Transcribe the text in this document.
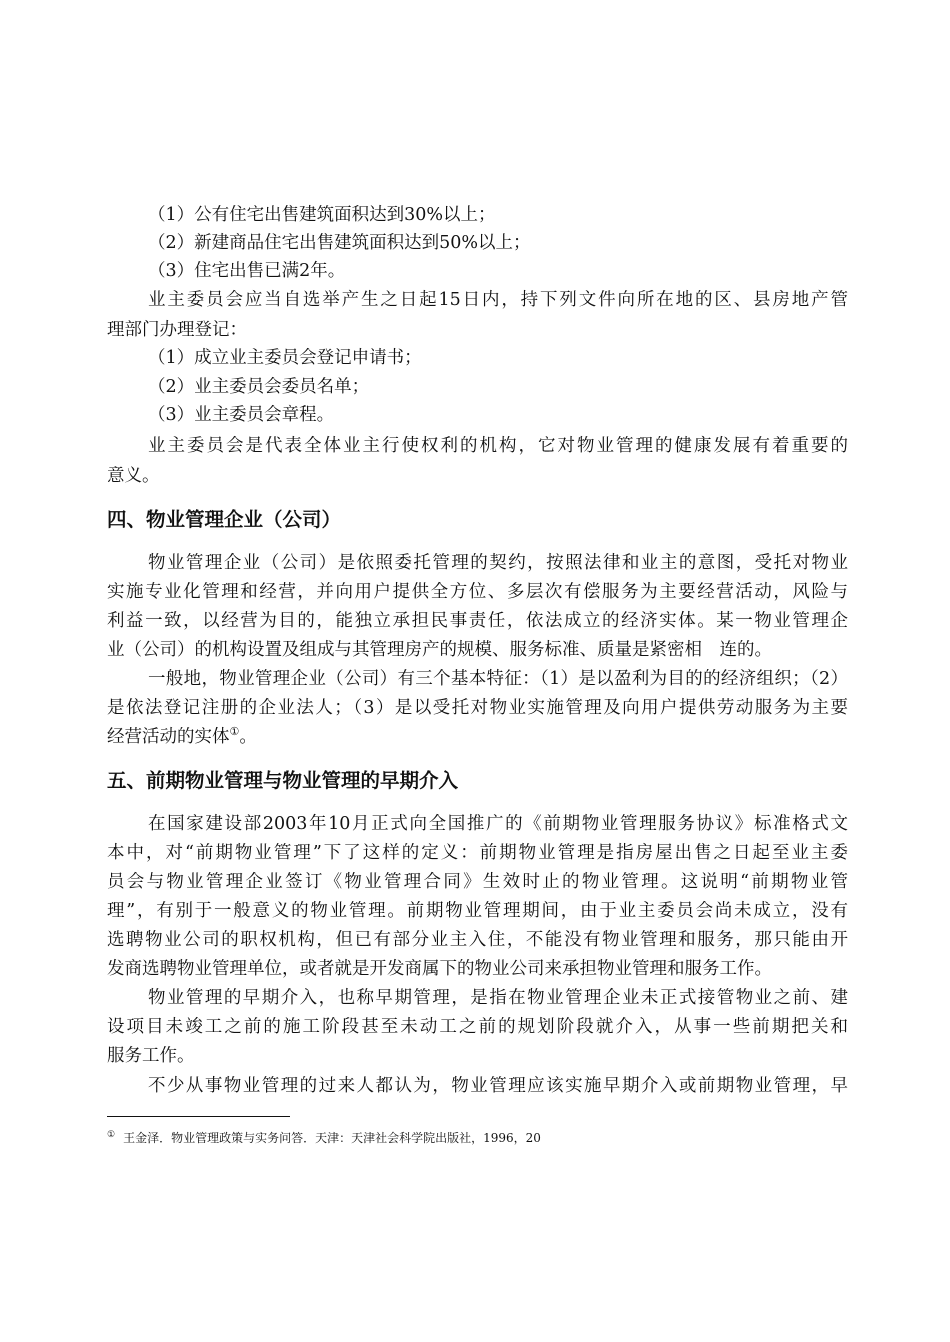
（1）公有住宅出售建筑面积达到30%以上；

（2）新建商品住宅出售建筑面积达到50%以上；

（3）住宅出售已满2年。

业主委员会应当自选举产生之日起15日内，持下列文件向所在地的区、县房地产管

理部门办理登记：

（1）成立业主委员会登记申请书；

（2）业主委员会委员名单；

（3）业主委员会章程。

业主委员会是代表全体业主行使权利的机构，它对物业管理的健康发展有着重要的

意义。

四、物业管理企业（公司）

物业管理企业（公司）是依照委托管理的契约，按照法律和业主的意图，受托对物业

实施专业化管理和经营，并向用户提供全方位、多层次有偿服务为主要经营活动，风险与

利益一致，以经营为目的，能独立承担民事责任，依法成立的经济实体。某一物业管理企

业（公司）的机构设置及组成与其管理房产的规模、服务标准、质量是紧密相　连的。

一般地，物业管理企业（公司）有三个基本特征：（1）是以盈利为目的的经济组织；（2）

是依法登记注册的企业法人；（3）是以受托对物业实施管理及向用户提供劳动服务为主要

经营活动的实体①。

五、前期物业管理与物业管理的早期介入

在国家建设部2003年10月正式向全国推广的《前期物业管理服务协议》标准格式文

本中，对“前期物业管理”下了这样的定义：前期物业管理是指房屋出售之日起至业主委

员会与物业管理企业签订《物业管理合同》生效时止的物业管理。这说明“前期物业管

理”，有别于一般意义的物业管理。前期物业管理期间，由于业主委员会尚未成立，没有

选聘物业公司的职权机构，但已有部分业主入住，不能没有物业管理和服务，那只能由开

发商选聘物业管理单位，或者就是开发商属下的物业公司来承担物业管理和服务工作。

物业管理的早期介入，也称早期管理，是指在物业管理企业未正式接管物业之前、建

设项目未竣工之前的施工阶段甚至未动工之前的规划阶段就介入，从事一些前期把关和

服务工作。

不少从事物业管理的过来人都认为，物业管理应该实施早期介入或前期物业管理，早

① 王金泽．物业管理政策与实务问答．天津：天津社会科学院出版社，1996，20
